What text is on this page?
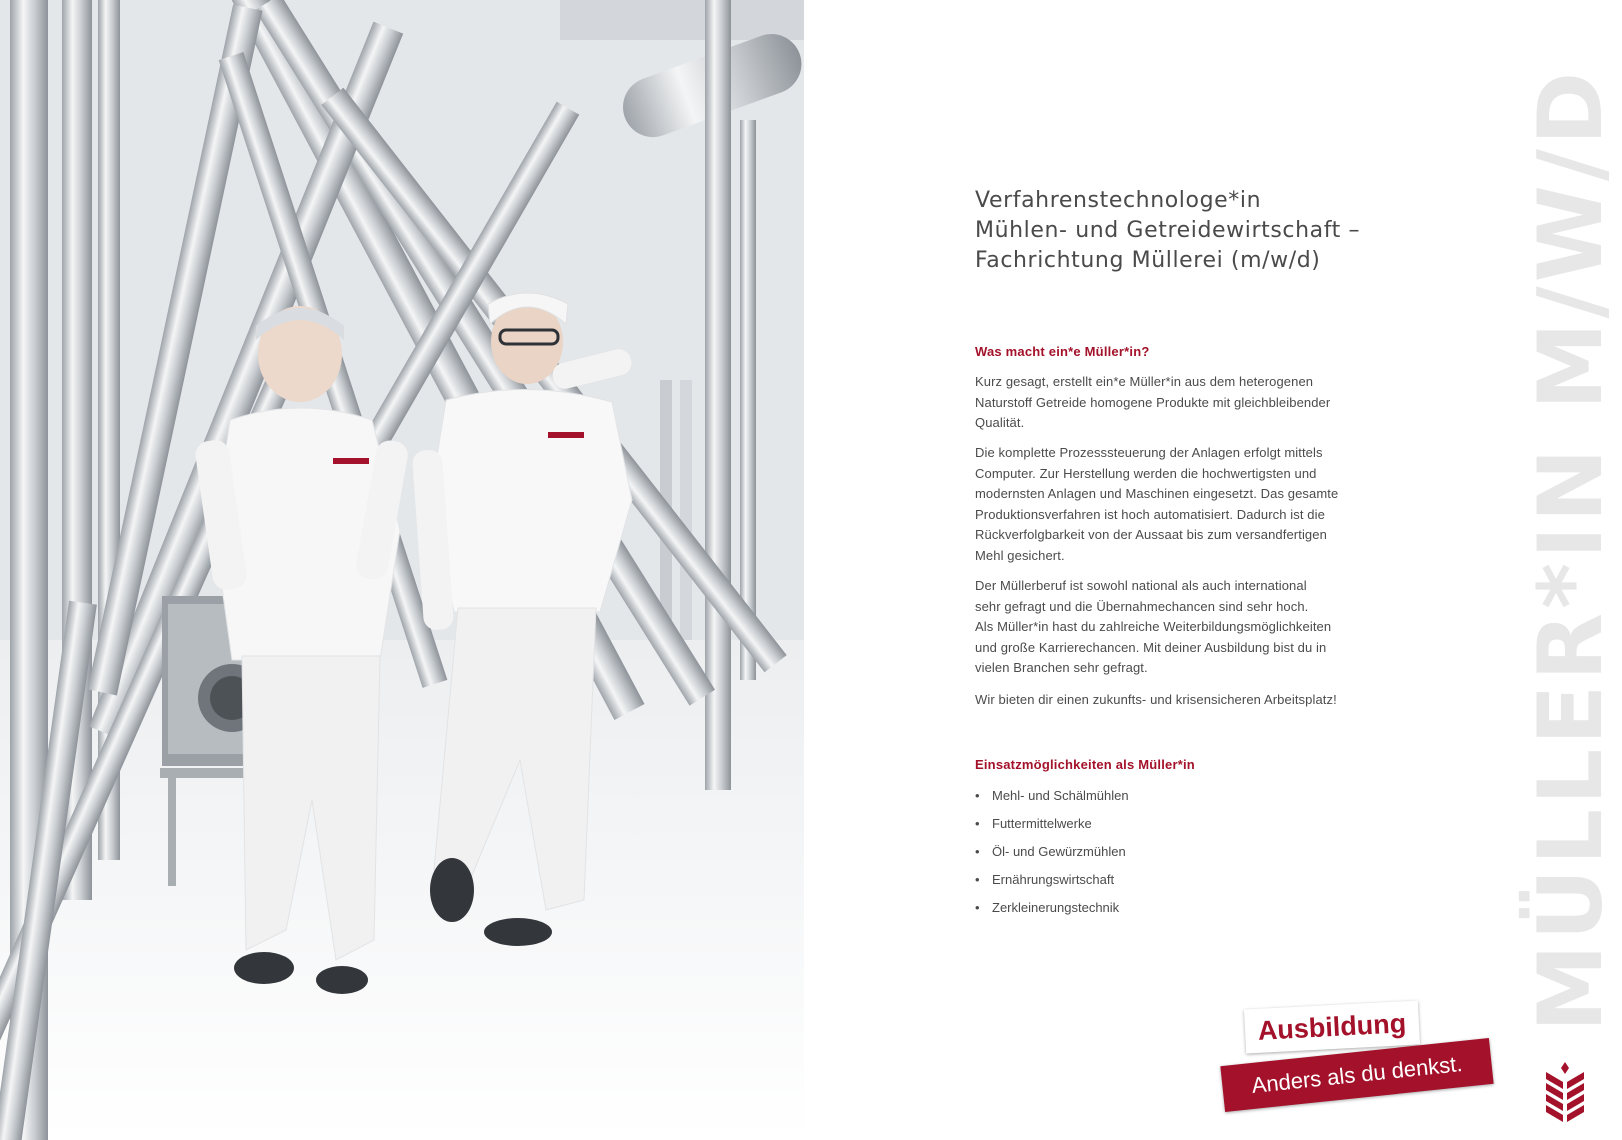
Verfahrenstechnologe*in
Mühlen- und Getreidewirtschaft –
Fachrichtung Müllerei (m/w/d)
Was macht ein*e Müller*in?

Kurz gesagt, erstellt ein*e Müller*in aus dem heterogenen
Naturstoff Getreide homogene Produkte mit gleichbleibender
Qualität.

Die komplette Prozesssteuerung der Anlagen erfolgt mittels
Computer. Zur Herstellung werden die hochwertigsten und
modernsten Anlagen und Maschinen eingesetzt. Das gesamte
Produktionsverfahren ist hoch automatisiert. Dadurch ist die
Rückverfolgbarkeit von der Aussaat bis zum versandfertigen
Mehl gesichert.

Der Müllerberuf ist sowohl national als auch international
sehr gefragt und die Übernahmechancen sind sehr hoch.
Als Müller*in hast du zahlreiche Weiterbildungsmöglichkeiten
und große Karrierechancen. Mit deiner Ausbildung bist du in
vielen Branchen sehr gefragt.

Wir bieten dir einen zukunfts- und krisensicheren Arbeitsplatz!

Einsatzmöglichkeiten als Müller*in
• Mehl- und Schälmühlen
• Futtermittelwerke
• Öl- und Gewürzmühlen
• Ernährungswirtschaft
• Zerkleinerungstechnik	MÜLLER*IN M/W/D
Ausbildung
Anders als du denkst.
